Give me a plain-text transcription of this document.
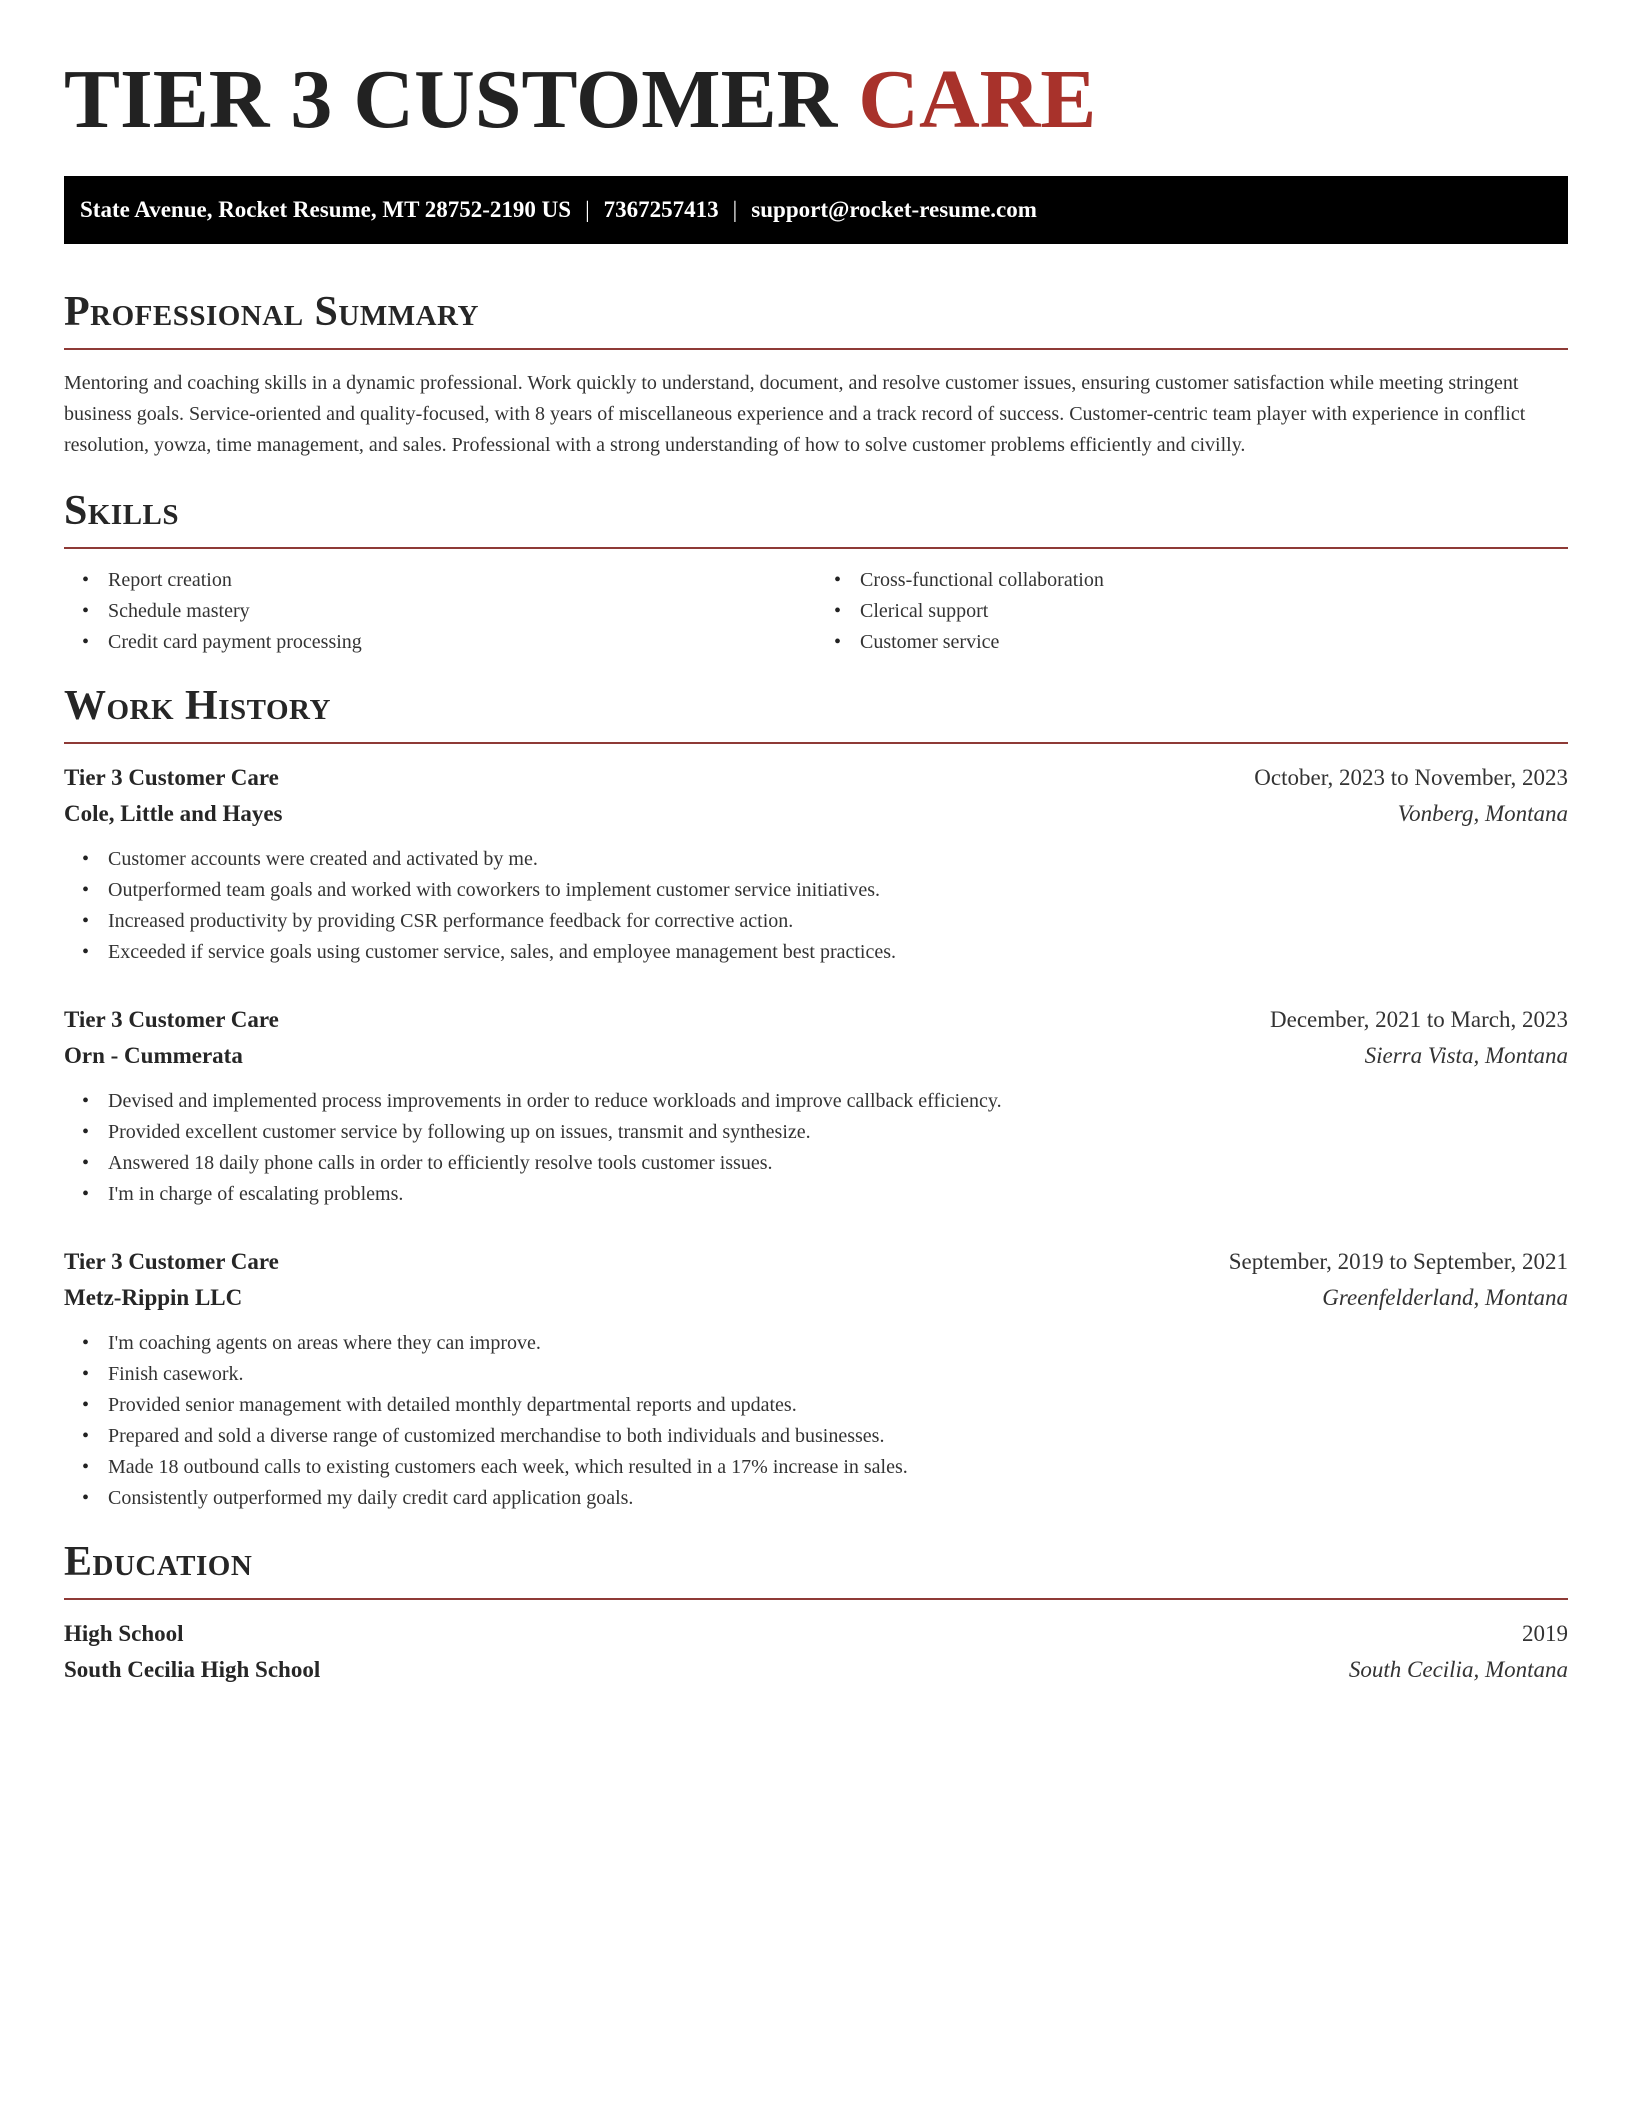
TIER 3 CUSTOMER CARE
State Avenue, Rocket Resume, MT 28752-2190 US | 7367257413 | support@rocket-resume.com
Professional Summary

Mentoring and coaching skills in a dynamic professional. Work quickly to understand, document, and resolve customer issues, ensuring customer satisfaction while meeting stringent business goals. Service-oriented and quality-focused, with 8 years of miscellaneous experience and a track record of success. Customer-centric team player with experience in conflict resolution, yowza, time management, and sales. Professional with a strong understanding of how to solve customer problems efficiently and civilly.

Skills
• Report creation
• Schedule mastery
• Credit card payment processing
• Cross-functional collaboration
• Clerical support
• Customer service
Work History
Tier 3 Customer Care	October, 2023 to November, 2023
Cole, Little and Hayes	Vonberg, Montana
• Customer accounts were created and activated by me.
• Outperformed team goals and worked with coworkers to implement customer service initiatives.
• Increased productivity by providing CSR performance feedback for corrective action.
• Exceeded if service goals using customer service, sales, and employee management best practices.
Tier 3 Customer Care	December, 2021 to March, 2023
Orn - Cummerata	Sierra Vista, Montana
• Devised and implemented process improvements in order to reduce workloads and improve callback efficiency.
• Provided excellent customer service by following up on issues, transmit and synthesize.
• Answered 18 daily phone calls in order to efficiently resolve tools customer issues.
• I'm in charge of escalating problems.
Tier 3 Customer Care	September, 2019 to September, 2021
Metz-Rippin LLC	Greenfelderland, Montana
• I'm coaching agents on areas where they can improve.
• Finish casework.
• Provided senior management with detailed monthly departmental reports and updates.
• Prepared and sold a diverse range of customized merchandise to both individuals and businesses.
• Made 18 outbound calls to existing customers each week, which resulted in a 17% increase in sales.
• Consistently outperformed my daily credit card application goals.
Education
High School	2019
South Cecilia High School	South Cecilia, Montana
